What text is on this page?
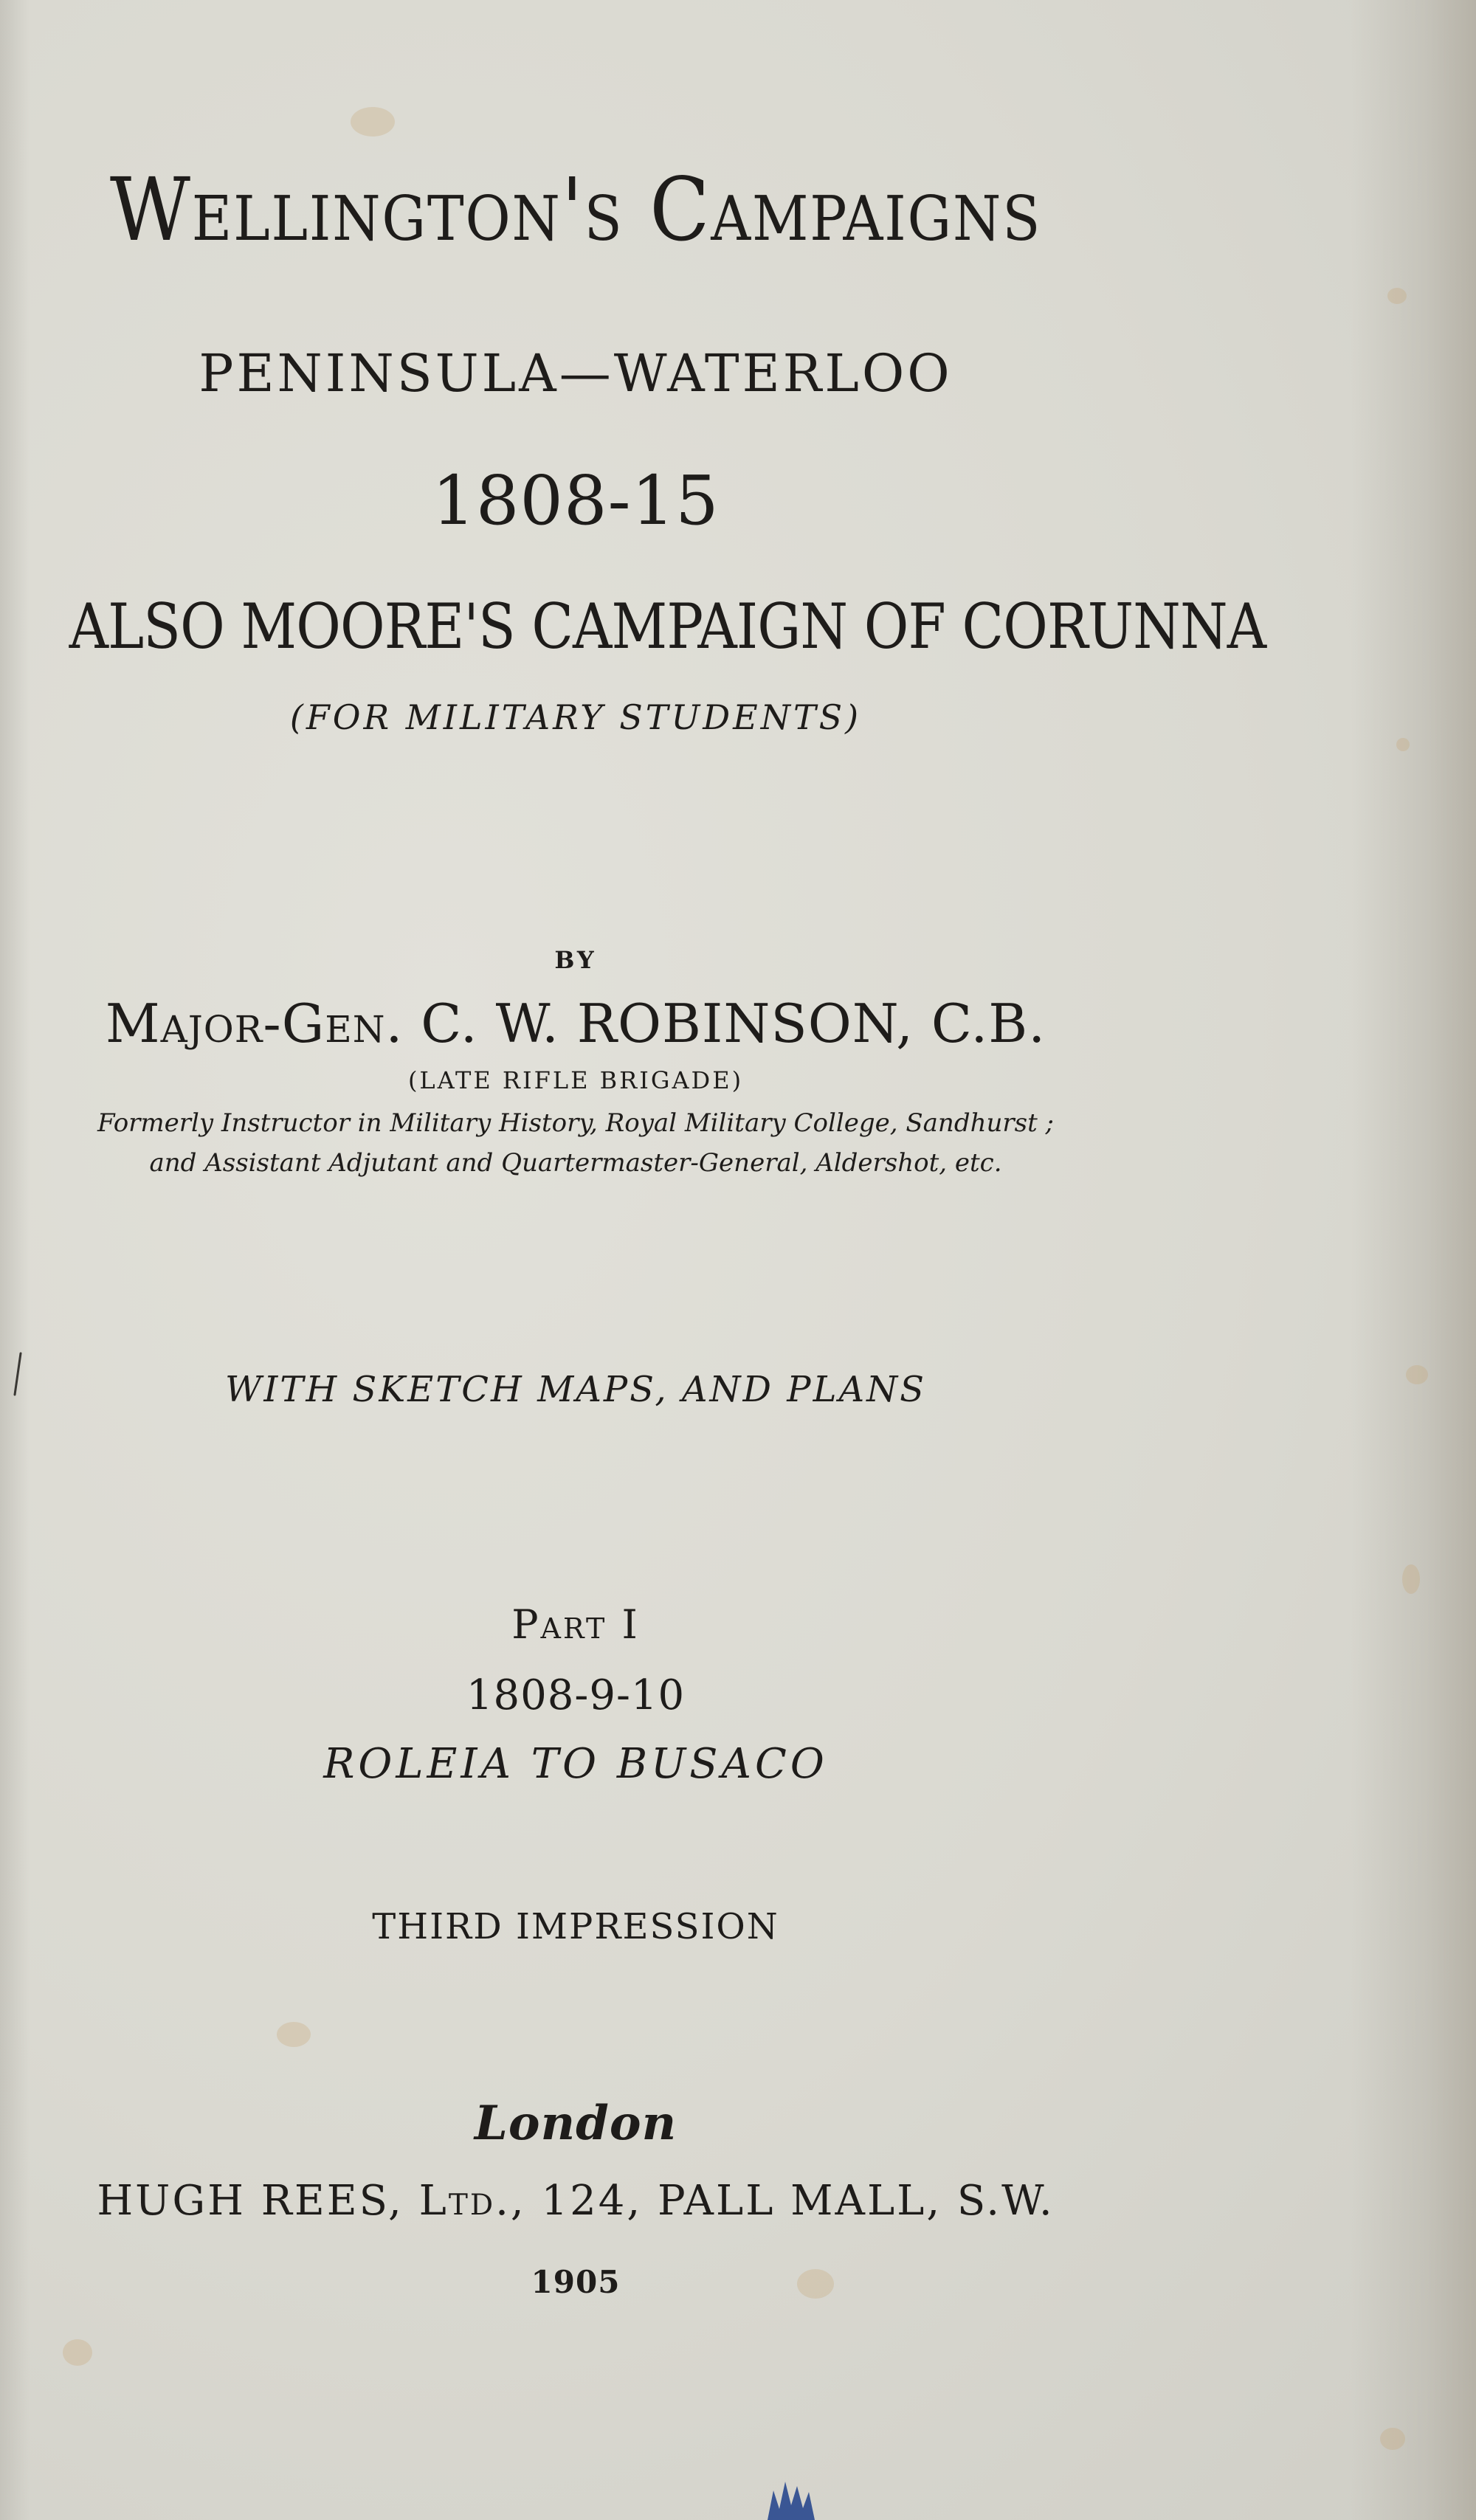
Wellington's Campaigns
PENINSULA—WATERLOO
1808-15
ALSO MOORE'S CAMPAIGN OF CORUNNA
(FOR MILITARY STUDENTS)
BY
Major-Gen. C. W. ROBINSON, C.B.
(LATE RIFLE BRIGADE)
Formerly Instructor in Military History, Royal Military College, Sandhurst ;
and Assistant Adjutant and Quartermaster-General, Aldershot, etc.
WITH SKETCH MAPS, AND PLANS
Part I
1808-9-10
ROLEIA TO BUSACO
THIRD IMPRESSION
London
HUGH REES, Ltd., 124, PALL MALL, S.W.
1905
